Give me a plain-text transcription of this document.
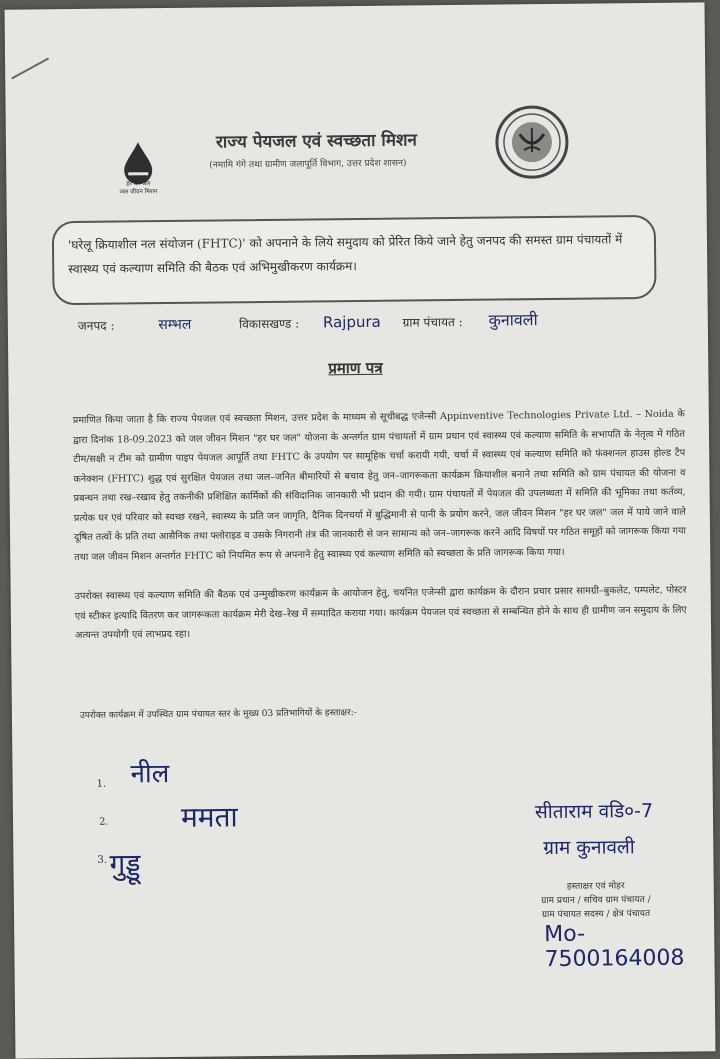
हर घर जल
जल जीवन मिशन
राज्य पेयजल एवं स्वच्छता मिशन
(नमामि गंगे तथा ग्रामीण जलापूर्ति विभाग, उत्तर प्रदेश शासन)
'घरेलू क्रियाशील नल संयोजन (FHTC)' को अपनाने के लिये समुदाय को प्रेरित किये जाने हेतु जनपद की समस्त ग्राम पंचायतों में स्वास्थ्य एवं कल्याण समिति की बैठक एवं अभिमुखीकरण कार्यक्रम।
जनपद :	सम्भल	विकासखण्ड : Rajpura ग्राम पंचायत : कुनावली
प्रमाण पत्र
प्रमाणित किया जाता है कि राज्य पेयजल एवं स्वच्छता मिशन, उत्तर प्रदेश के माध्यम से सूचीबद्ध एजेन्सी Appinventive Technologies Private Ltd. – Noida के द्वारा दिनांक 18-09.2023 को जल जीवन मिशन "हर घर जल" योजना के अन्तर्गत ग्राम पंचायतों में ग्राम प्रधान एवं स्वास्थ्य एवं कल्याण समिति के सभापति के नेतृत्व में गठित टीम/सक्षी न टीम को ग्रामीण पाइप पेयजल आपूर्ति तथा FHTC के उपयोग पर सामूहिक चर्चा करायी गयी, चर्चा में स्वास्थ्य एवं कल्याण समिति को फंक्शनल हाउस होल्ड टैप कनेक्शन (FHTC) शुद्ध एवं सुरक्षित पेयजल तथा जल–जनित बीमारियों से बचाव हेतु जन–जागरूकता कार्यक्रम क्रियाशील बनाने तथा समिति को ग्राम पंचायत की योजना व प्रबन्धन तथा रख–रखाव हेतु तकनीकी प्रशिक्षित कार्मिकों की संविदानिक जानकारी भी प्रदान की गयी। ग्राम पंचायतों में पेयजल की उपलब्धता में समिति की भूमिका तथा कर्तव्य, प्रत्येक घर एवं परिवार को स्वच्छ रखने, स्वास्थ्य के प्रति जन जागृति, दैनिक दिनचर्या में बुद्धिमानी से पानी के प्रयोग करने, जल जीवन मिशन "हर घर जल" जल में पाये जाने वाले दूषित तत्वों के प्रति तथा आसैनिक तथा फ्लोराइड व उसके निगरानी तंत्र की जानकारी से जन सामान्य को जन–जागरूक करने आदि विषयों पर गठित समूहों को जागरूक किया गया तथा जल जीवन मिशन अन्तर्गत FHTC को नियमित रूप से अपनाने हेतु स्वास्थ्य एवं कल्याण समिति को स्वच्छता के प्रति जागरूक किया गया।
उपरोक्त स्वास्थ्य एवं कल्याण समिति की बैठक एवं उन्मुखीकरण कार्यक्रम के आयोजन हेतु, चयनित एजेन्सी द्वारा कार्यक्रम के दौरान प्रचार प्रसार सामग्री–बुकलेट, पम्पलेट, पोस्टर एवं स्टीकर इत्यादि वितरण कर जागरूकता कार्यक्रम मेरी देख–रेख में सम्पादित कराया गया। कार्यक्रम पेयजल एवं स्वच्छता से सम्बन्धित होने के साथ ही ग्रामीण जन समुदाय के लिए अत्यन्त उपयोगी एवं लाभप्रद रहा।
उपरोक्त कार्यक्रम में उपस्थित ग्राम पंचायत स्तर के मुख्य 03 प्रतिभागियों के हस्ताक्षर:-
1. नील
2.	ममता
3. गुड्डू
सीताराम वडि०-7
ग्राम कुनावली
हस्ताक्षर एवं मोहर
ग्राम प्रधान / सचिव ग्राम पंचायत /
ग्राम पंचायत सदस्य / क्षेत्र पंचायत
Mo-7500164008
